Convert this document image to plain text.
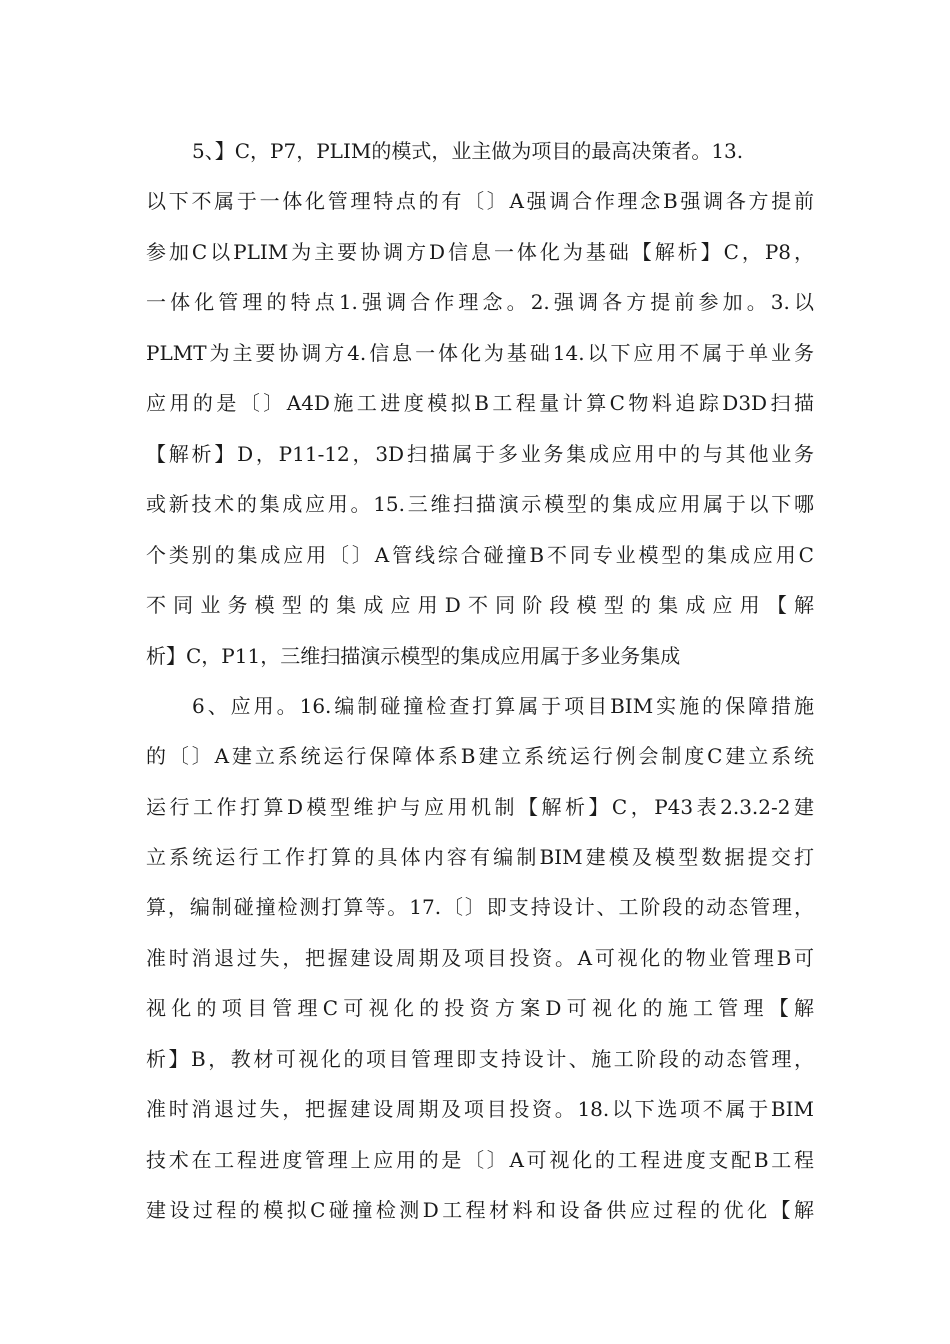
5、】C，P7，PLIM的模式，业主做为项目的最高决策者。13.
以下不属于一体化管理特点的有〔〕A强调合作理念B强调各方提前
参加C以PLIM为主要协调方D信息一体化为基础【解析】C，P8，
一体化管理的特点1.强调合作理念。2.强调各方提前参加。3.以
PLMT为主要协调方4.信息一体化为基础14.以下应用不属于单业务
应用的是〔〕A4D施工进度模拟B工程量计算C物料追踪D3D扫描
【解析】D，P11-12，3D扫描属于多业务集成应用中的与其他业务
或新技术的集成应用。15.三维扫描演示模型的集成应用属于以下哪
个类别的集成应用〔〕A管线综合碰撞B不同专业模型的集成应用C
不同业务模型的集成应用D不同阶段模型的集成应用【解
析】C，P11，三维扫描演示模型的集成应用属于多业务集成
6、应用。16.编制碰撞检查打算属于项目BIM实施的保障措施
的〔〕A建立系统运行保障体系B建立系统运行例会制度C建立系统
运行工作打算D模型维护与应用机制【解析】C，P43表2.3.2-2建
立系统运行工作打算的具体内容有编制BIM建模及模型数据提交打
算，编制碰撞检测打算等。17.〔〕即支持设计、工阶段的动态管理，
准时消退过失，把握建设周期及项目投资。A可视化的物业管理B可
视化的项目管理C可视化的投资方案D可视化的施工管理【解
析】B，教材可视化的项目管理即支持设计、施工阶段的动态管理，
准时消退过失，把握建设周期及项目投资。18.以下选项不属于BIM
技术在工程进度管理上应用的是〔〕A可视化的工程进度支配B工程
建设过程的模拟C碰撞检测D工程材料和设备供应过程的优化【解
